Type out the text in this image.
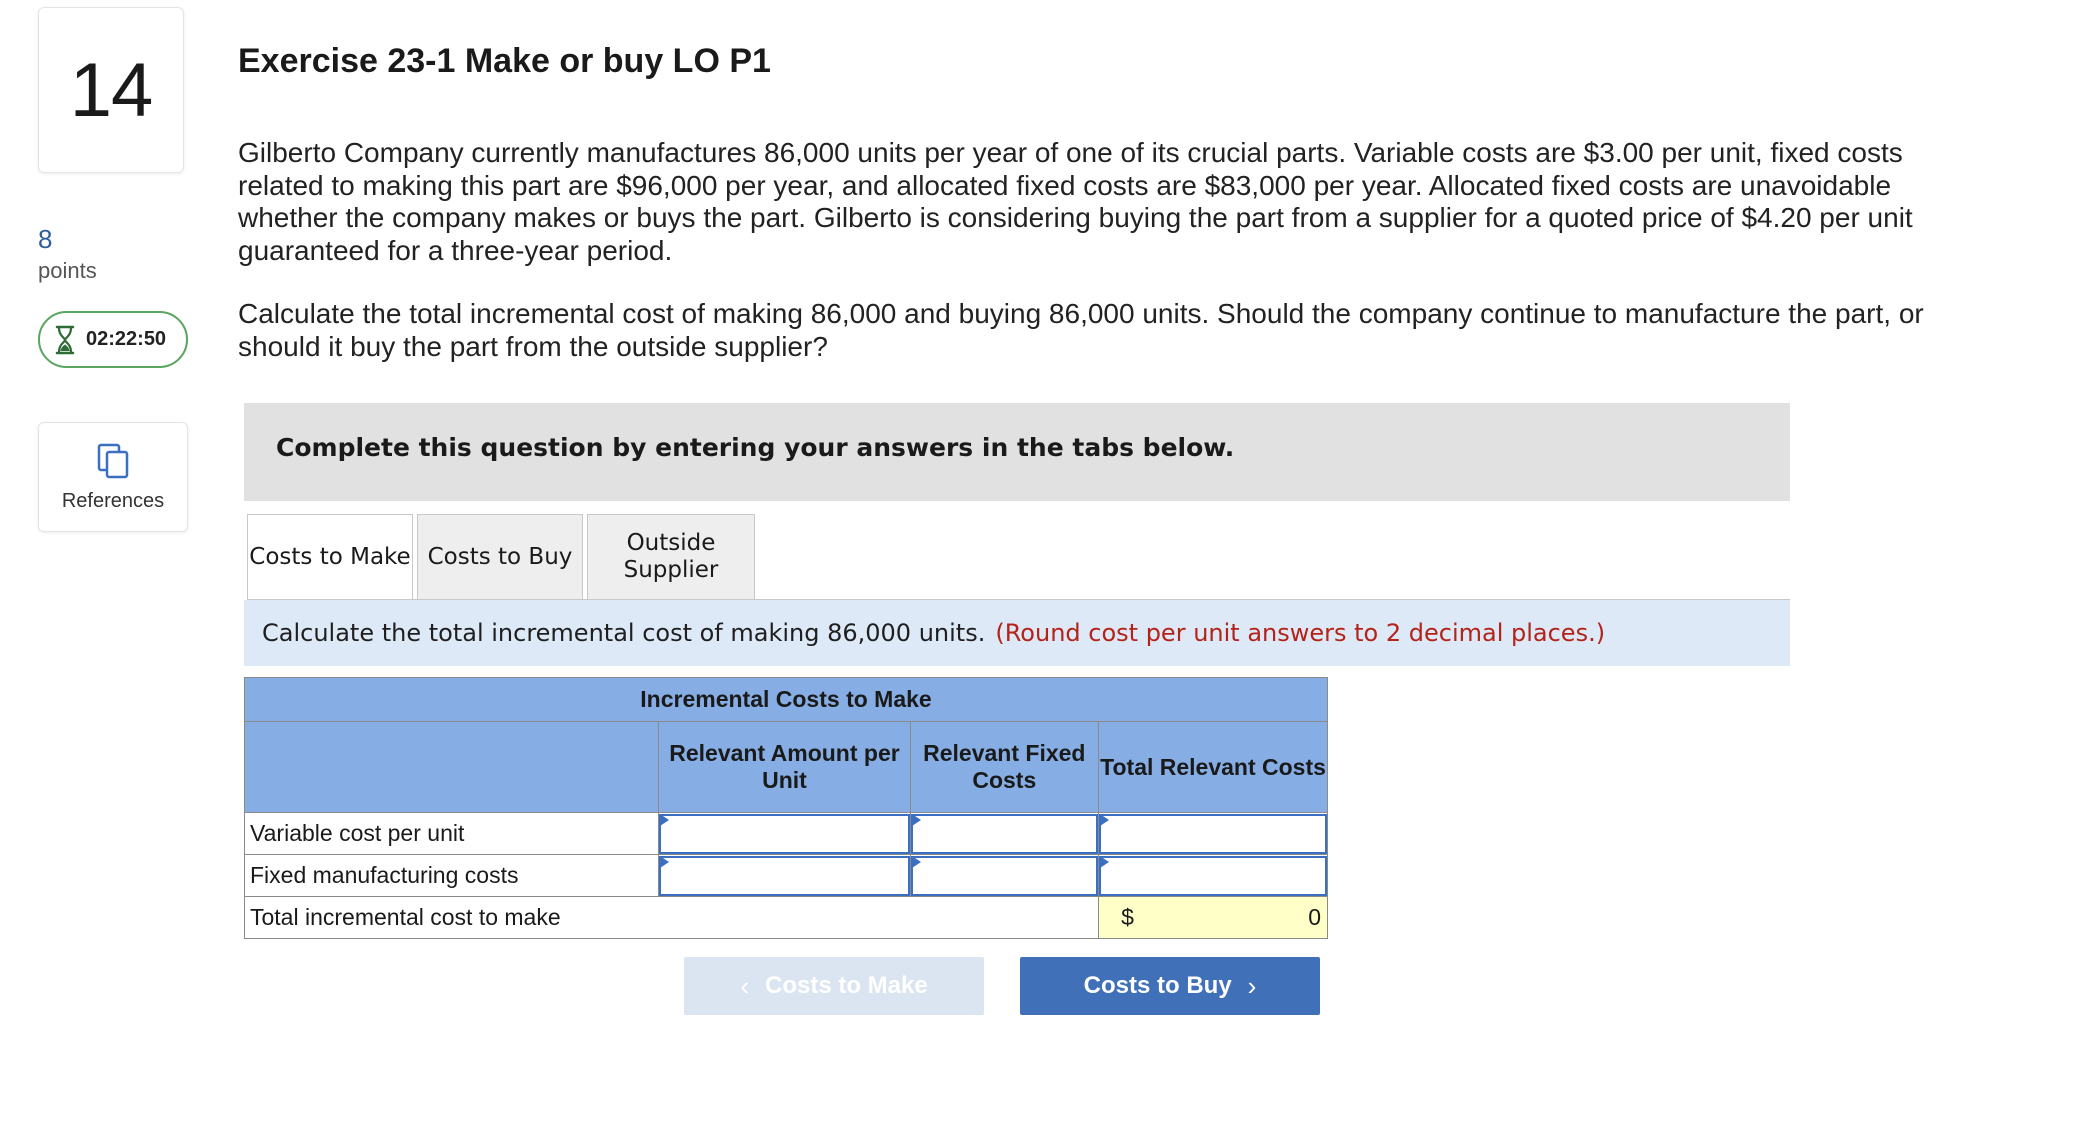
14
8
points
02:22:50
References
Exercise 23-1 Make or buy LO P1
Gilberto Company currently manufactures 86,000 units per year of one of its crucial parts. Variable costs are $3.00 per unit, fixed costs related to making this part are $96,000 per year, and allocated fixed costs are $83,000 per year. Allocated fixed costs are unavoidable whether the company makes or buys the part. Gilberto is considering buying the part from a supplier for a quoted price of $4.20 per unit guaranteed for a three-year period.
Calculate the total incremental cost of making 86,000 and buying 86,000 units. Should the company continue to manufacture the part, or should it buy the part from the outside supplier?
Complete this question by entering your answers in the tabs below.
Costs to Make Costs to Buy
Outside Supplier
Calculate the total incremental cost of making 86,000 units. (Round cost per unit answers to 2 decimal places.)
Incremental Costs to Make			
	Relevant Amount per Unit	Relevant Fixed Costs	Total Relevant Costs
Variable cost per unit	

Fixed manufacturing costs	

Total incremental cost to make			$ 0
‹ Costs to Make	Costs to Buy ›
